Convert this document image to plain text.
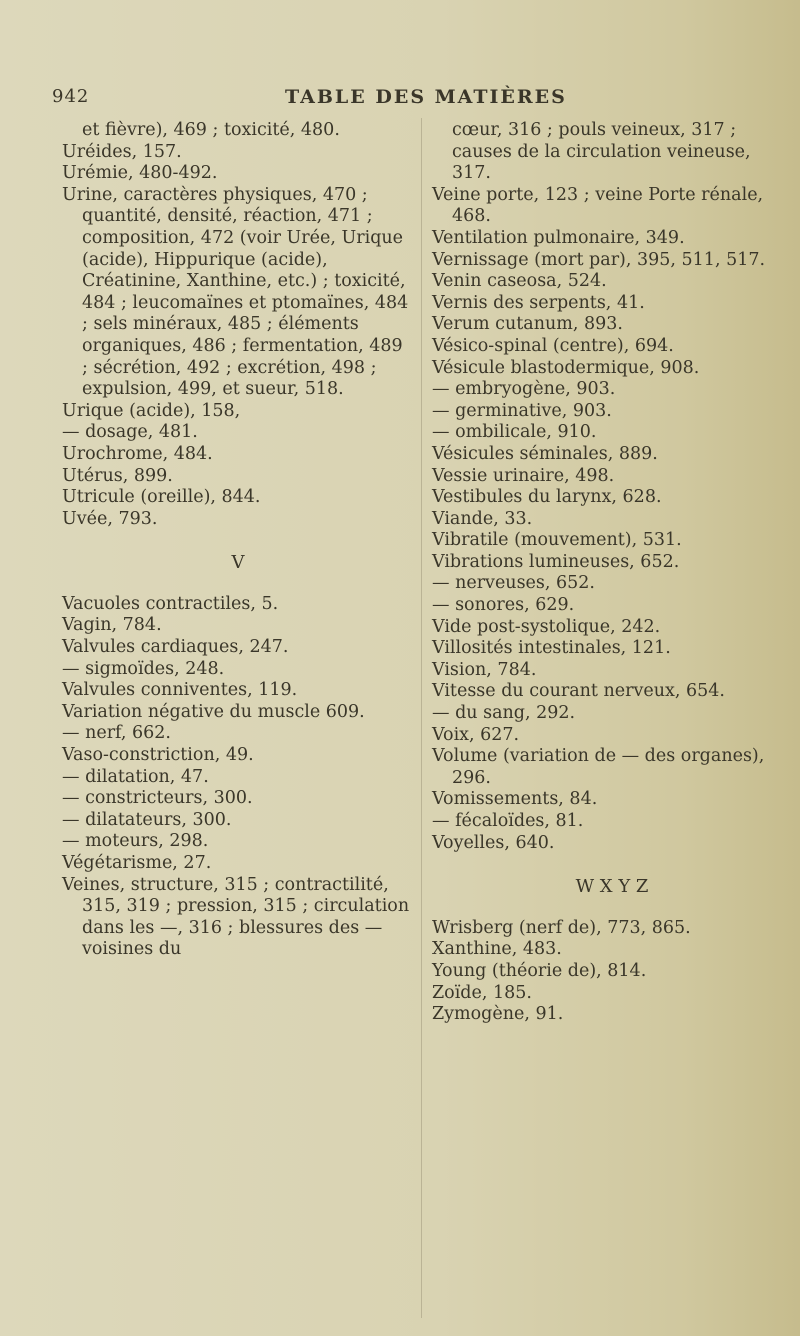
942	TABLE DES MATIÈRES
et fièvre), 469 ; toxicité, 480.
Uréides, 157.
Urémie, 480-492.
Urine, caractères physiques, 470 ; quantité, densité, réaction, 471 ; composition, 472 (voir Urée, Urique (acide), Hippurique (acide), Créatinine, Xanthine, etc.) ; toxicité, 484 ; leucomaïnes et ptomaïnes, 484 ; sels minéraux, 485 ; éléments organiques, 486 ; fermentation, 489 ; sécrétion, 492 ; excrétion, 498 ; expulsion, 499, et sueur, 518.
Urique (acide), 158,
— dosage, 481.
Urochrome, 484.
Utérus, 899.
Utricule (oreille), 844.
Uvée, 793.
V
Vacuoles contractiles, 5.
Vagin, 784.
Valvules cardiaques, 247.
— sigmoïdes, 248.
Valvules conniventes, 119.
Variation négative du muscle 609.
— nerf, 662.
Vaso-constriction, 49.
— dilatation, 47.
— constricteurs, 300.
— dilatateurs, 300.
— moteurs, 298.
Végétarisme, 27.
Veines, structure, 315 ; contractilité, 315, 319 ; pression, 315 ; circulation dans les —, 316 ; blessures des — voisines du
cœur, 316 ; pouls veineux, 317 ; causes de la circulation veineuse, 317.
Veine porte, 123 ; veine Porte rénale, 468.
Ventilation pulmonaire, 349.
Vernissage (mort par), 395, 511, 517.
Venin caseosa, 524.
Vernis des serpents, 41.
Verum cutanum, 893.
Vésico-spinal (centre), 694.
Vésicule blastodermique, 908.
— embryogène, 903.
— germinative, 903.
— ombilicale, 910.
Vésicules séminales, 889.
Vessie urinaire, 498.
Vestibules du larynx, 628.
Viande, 33.
Vibratile (mouvement), 531.
Vibrations lumineuses, 652.
— nerveuses, 652.
— sonores, 629.
Vide post-systolique, 242.
Villosités intestinales, 121.
Vision, 784.
Vitesse du courant nerveux, 654.
— du sang, 292.
Voix, 627.
Volume (variation de — des organes), 296.
Vomissements, 84.
— fécaloïdes, 81.
Voyelles, 640.
W X Y Z
Wrisberg (nerf de), 773, 865.
Xanthine, 483.
Young (théorie de), 814.
Zoïde, 185.
Zymogène, 91.
